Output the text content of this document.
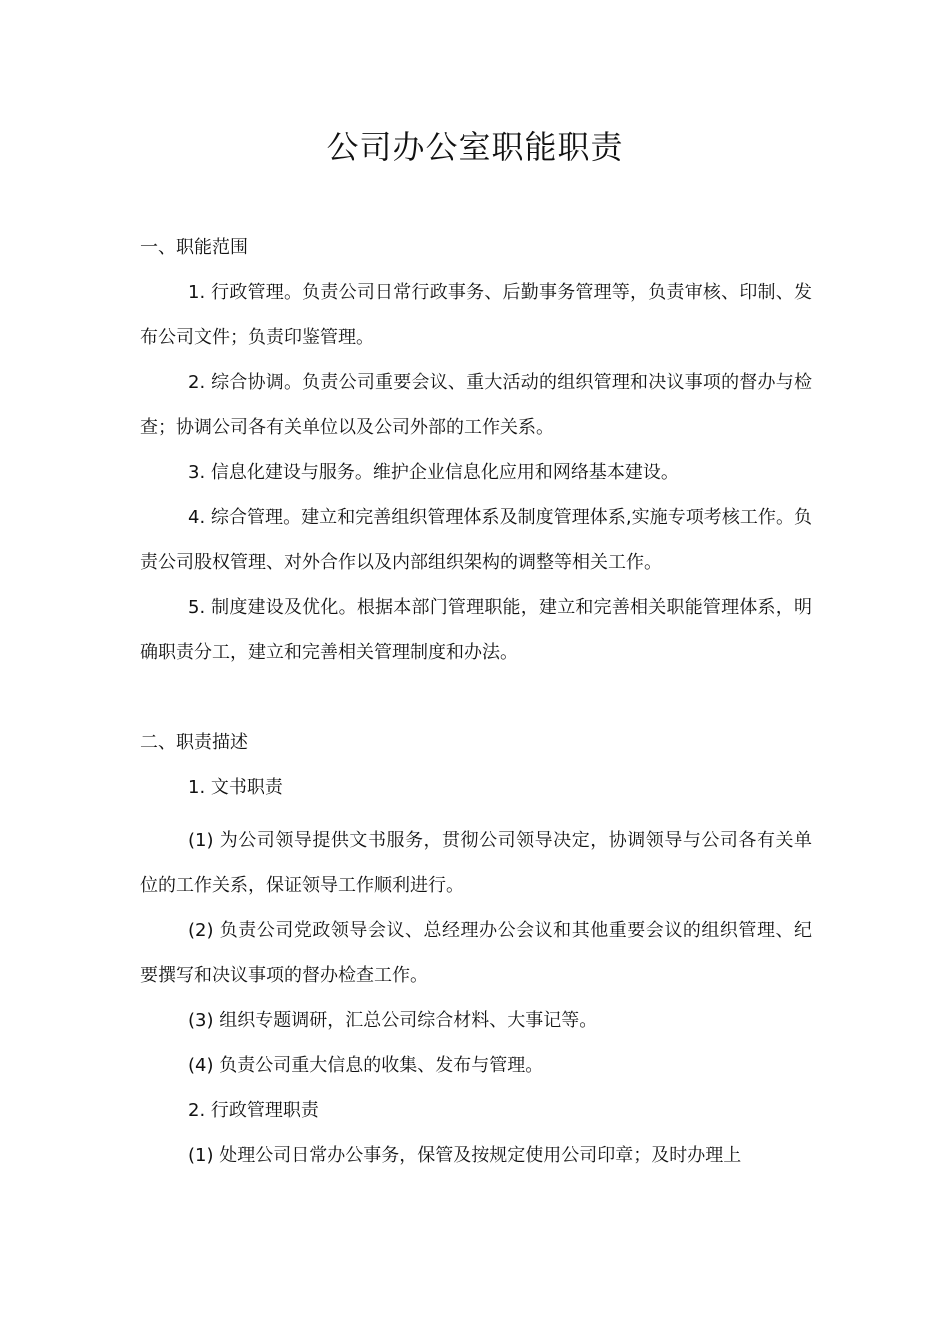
公司办公室职能职责

一、职能范围

1. 行政管理。负责公司日常行政事务、后勤事务管理等，负责审核、印制、发布公司文件；负责印鉴管理。

2. 综合协调。负责公司重要会议、重大活动的组织管理和决议事项的督办与检查；协调公司各有关单位以及公司外部的工作关系。

3. 信息化建设与服务。维护企业信息化应用和网络基本建设。

4. 综合管理。建立和完善组织管理体系及制度管理体系,实施专项考核工作。负责公司股权管理、对外合作以及内部组织架构的调整等相关工作。

5. 制度建设及优化。根据本部门管理职能，建立和完善相关职能管理体系，明确职责分工，建立和完善相关管理制度和办法。

二、职责描述

1. 文书职责

(1) 为公司领导提供文书服务，贯彻公司领导决定，协调领导与公司各有关单位的工作关系，保证领导工作顺利进行。

(2) 负责公司党政领导会议、总经理办公会议和其他重要会议的组织管理、纪要撰写和决议事项的督办检查工作。

(3) 组织专题调研，汇总公司综合材料、大事记等。

(4) 负责公司重大信息的收集、发布与管理。

2. 行政管理职责

(1) 处理公司日常办公事务，保管及按规定使用公司印章；及时办理上
